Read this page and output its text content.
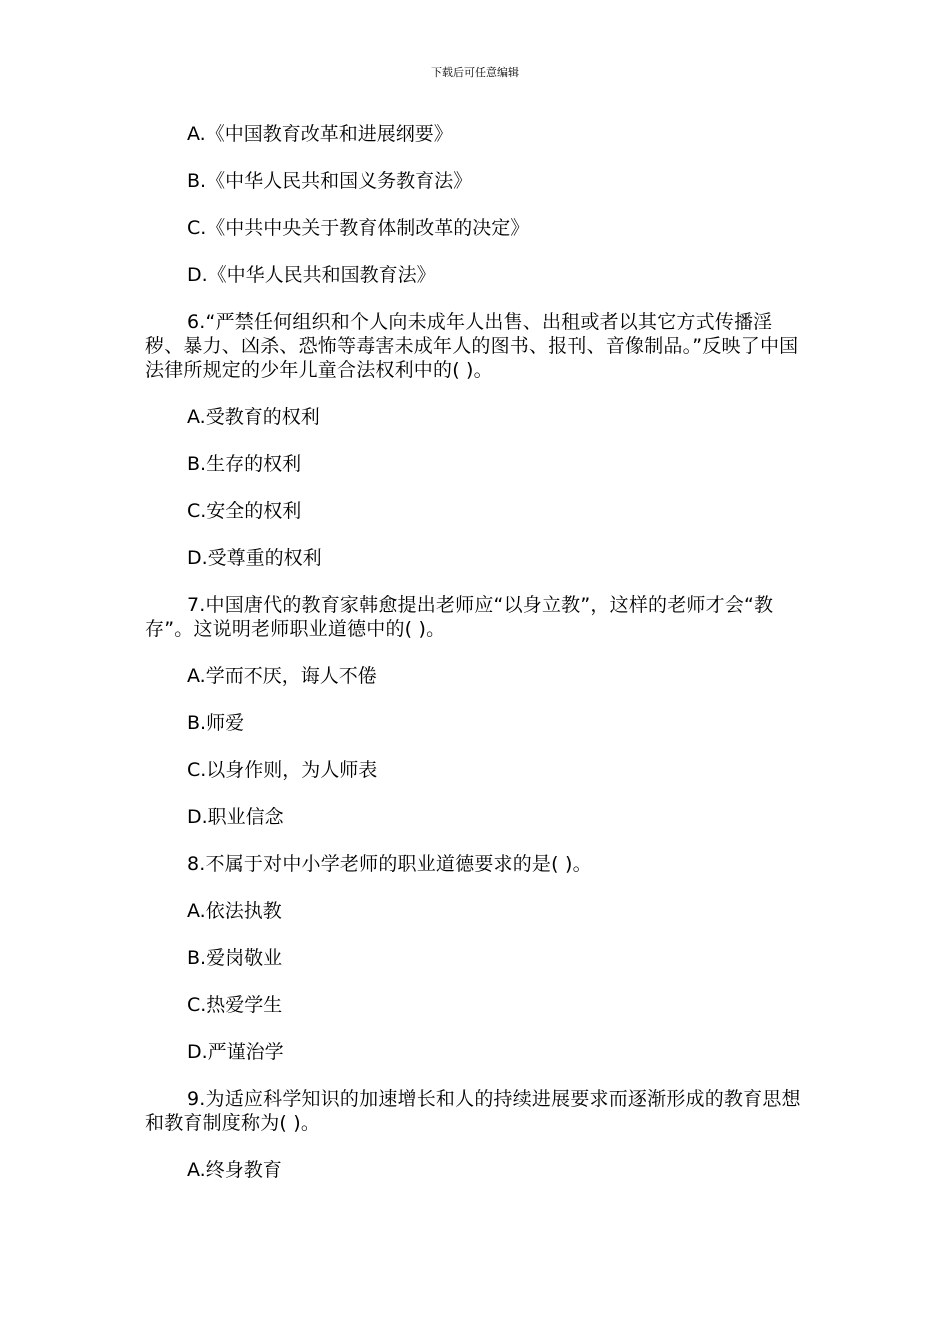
下载后可任意编辑

A.《中国教育改革和进展纲要》

B.《中华人民共和国义务教育法》

C.《中共中央关于教育体制改革的决定》

D.《中华人民共和国教育法》

6.“严禁任何组织和个人向未成年人出售、出租或者以其它方式传播淫秽、暴力、凶杀、恐怖等毒害未成年人的图书、报刊、音像制品。”反映了中国法律所规定的少年儿童合法权利中的( )。

A.受教育的权利

B.生存的权利

C.安全的权利

D.受尊重的权利

7.中国唐代的教育家韩愈提出老师应“以身立教”，这样的老师才会“教存”。这说明老师职业道德中的( )。

A.学而不厌，诲人不倦

B.师爱

C.以身作则，为人师表

D.职业信念

8.不属于对中小学老师的职业道德要求的是( )。

A.依法执教

B.爱岗敬业

C.热爱学生

D.严谨治学

9.为适应科学知识的加速增长和人的持续进展要求而逐渐形成的教育思想和教育制度称为( )。

A.终身教育
